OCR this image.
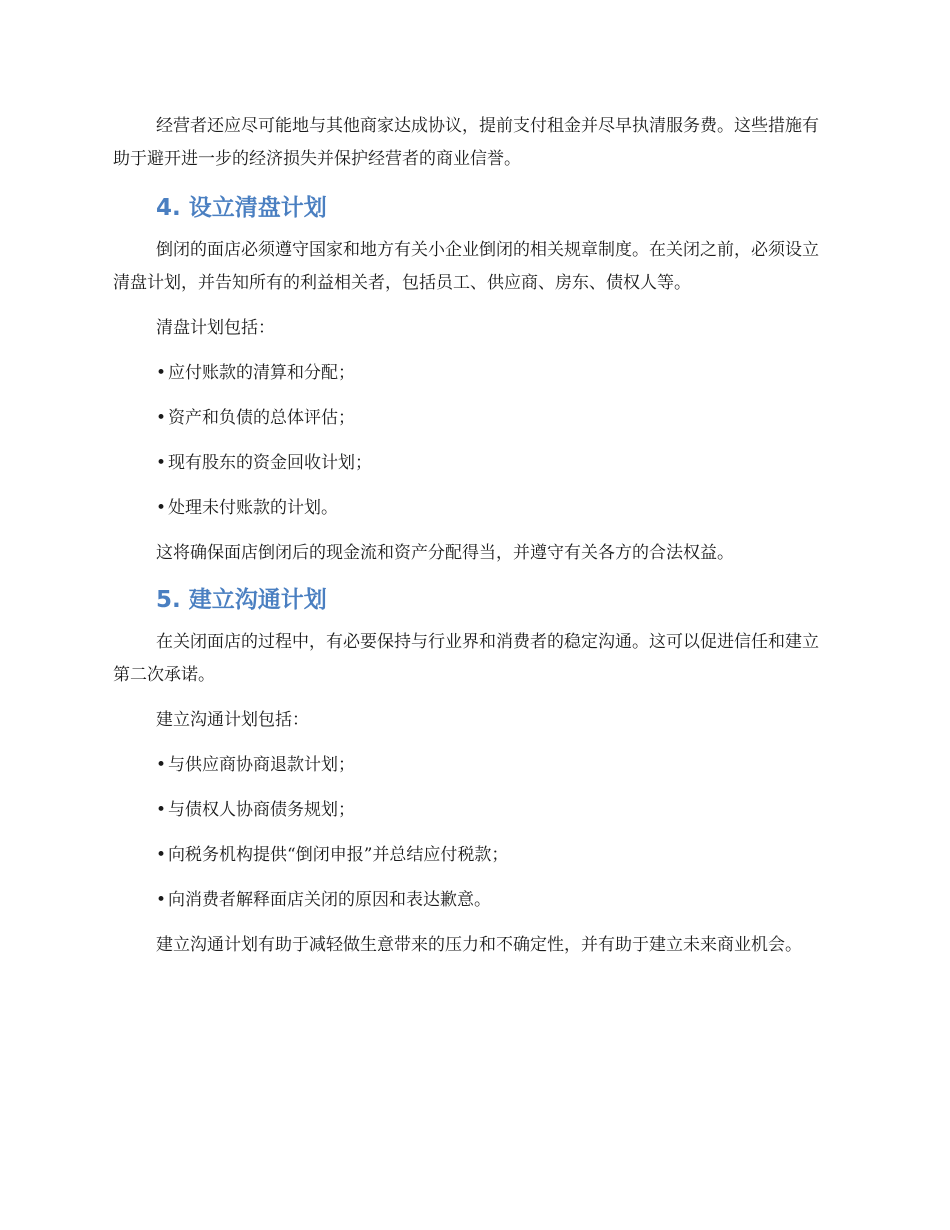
经营者还应尽可能地与其他商家达成协议，提前支付租金并尽早执清服务费。这些措施有助于避开进一步的经济损失并保护经营者的商业信誉。

4. 设立清盘计划

倒闭的面店必须遵守国家和地方有关小企业倒闭的相关规章制度。在关闭之前，必须设立清盘计划，并告知所有的利益相关者，包括员工、供应商、房东、债权人等。

清盘计划包括：

• 应付账款的清算和分配；

• 资产和负债的总体评估；

• 现有股东的资金回收计划；

• 处理未付账款的计划。

这将确保面店倒闭后的现金流和资产分配得当，并遵守有关各方的合法权益。

5. 建立沟通计划

在关闭面店的过程中，有必要保持与行业界和消费者的稳定沟通。这可以促进信任和建立第二次承诺。

建立沟通计划包括：

• 与供应商协商退款计划；

• 与债权人协商债务规划；

• 向税务机构提供“倒闭申报”并总结应付税款；

• 向消费者解释面店关闭的原因和表达歉意。

建立沟通计划有助于减轻做生意带来的压力和不确定性，并有助于建立未来商业机会。
